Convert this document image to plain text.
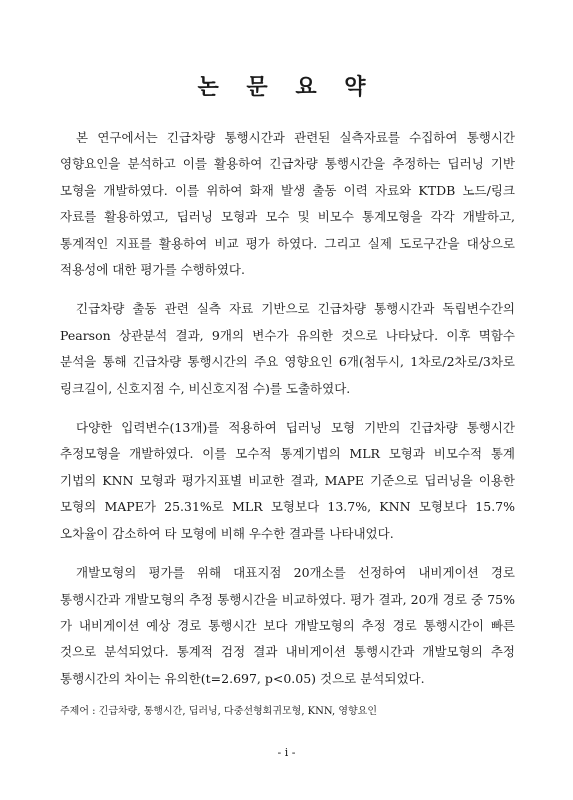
논 문 요 약

본 연구에서는 긴급차량 통행시간과 관련된 실측자료를 수집하여 통행시간 영향요인을 분석하고 이를 활용하여 긴급차량 통행시간을 추정하는 딥러닝 기반 모형을 개발하였다. 이를 위하여 화재 발생 출동 이력 자료와 KTDB 노드/링크 자료를 활용하였고, 딥러닝 모형과 모수 및 비모수 통계모형을 각각 개발하고, 통계적인 지표를 활용하여 비교 평가 하였다. 그리고 실제 도로구간을 대상으로 적용성에 대한 평가를 수행하였다.

긴급차량 출동 관련 실측 자료 기반으로 긴급차량 통행시간과 독립변수간의 Pearson 상관분석 결과, 9개의 변수가 유의한 것으로 나타났다. 이후 멱함수 분석을 통해 긴급차량 통행시간의 주요 영향요인 6개(첨두시, 1차로/2차로/3차로 링크길이, 신호지점 수, 비신호지점 수)를 도출하였다.

다양한 입력변수(13개)를 적용하여 딥러닝 모형 기반의 긴급차량 통행시간 추정모형을 개발하였다. 이를 모수적 통계기법의 MLR 모형과 비모수적 통계 기법의 KNN 모형과 평가지표별 비교한 결과, MAPE 기준으로 딥러닝을 이용한 모형의 MAPE가 25.31%로 MLR 모형보다 13.7%, KNN 모형보다 15.7% 오차율이 감소하여 타 모형에 비해 우수한 결과를 나타내었다.

개발모형의 평가를 위해 대표지점 20개소를 선정하여 내비게이션 경로 통행시간과 개발모형의 추정 통행시간을 비교하였다. 평가 결과, 20개 경로 중 75%가 내비게이션 예상 경로 통행시간 보다 개발모형의 추정 경로 통행시간이 빠른 것으로 분석되었다. 통계적 검정 결과 내비게이션 통행시간과 개발모형의 추정 통행시간의 차이는 유의한(t=2.697, p<0.05) 것으로 분석되었다.

주제어 : 긴급차량, 통행시간, 딥러닝, 다중선형회귀모형, KNN, 영향요인
- i -
